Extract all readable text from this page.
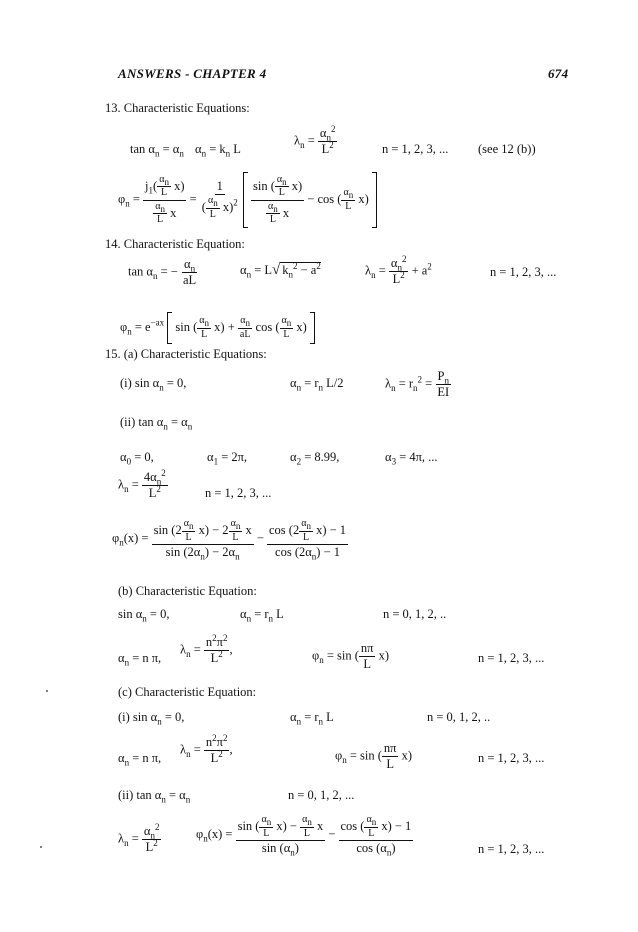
ANSWERS - CHAPTER 4	674
13. Characteristic Equations:
$\tan \alpha_n = \alpha_n$ $\alpha_n = k_n$ L
$\lambda_n = \frac{\alpha_n^2}{L^2}$	n = 1, 2, 3, ... (see 12 (b))
$\varphi_n$ =
$j_1( \frac{\alpha_n}{L} x)$
$\frac{\alpha_n}{L}$ x
=
1
( $\frac{\alpha_n}{L} x)^2$

sin ( $\frac{\alpha_n}{L} x$)
$\frac{\alpha_n}{L}$ x
− cos ( $\frac{\alpha_n}{L} x$)
14. Characteristic Equation:
$\tan \alpha_n$ = − $\frac{\alpha_n}{aL}$	$\alpha_n = L√$ $k_n^2 - a^2$	$\lambda_n = \frac{\alpha_n^2}{L^2} + a^2$	n = 1, 2, 3, ...
$\varphi_n = e^{-ax}$  sin ( $\frac{\alpha_n}{L} x) + \frac{\alpha_n}{aL}$ cos ( $\frac{\alpha_n}{L} x$)
15. (a) Characteristic Equations:
(i) $\sin \alpha_n = 0$,	$\alpha_n = r_n$ L/2	$\lambda_n = r_n^2 = \frac{P_n}{EI}$
(ii) $\tan \alpha_n = \alpha_n$
$\alpha_0 = 0$,	$\alpha_1 = 2\pi$,	$\alpha_2 = 8.99$,	$\alpha_3 = 4\pi$, ...
$\lambda_n = \frac{4\alpha_n^2}{L^2}$	n = 1, 2, 3, ...
$\varphi_n(x)$ =
$\sin (2 \frac{\alpha_n}{L} x) - 2 \frac{\alpha_n}{L}$ x
$\sin (2\alpha_n) - 2\alpha_n$
−
$\cos (2 \frac{\alpha_n}{L} x) - 1$
$\cos (2\alpha_n) - 1$
(b) Characteristic Equation:
$\sin \alpha_n = 0$,	$\alpha_n = r_n$ L	n = 0, 1, 2, ..
$\alpha_n = n$ π,
$\lambda_n = \frac{n^2\pi^2}{L^2}$ ,	$\varphi_n = \sin$ ( $\frac{n\pi}{L} x$)	n = 1, 2, 3, ...
(c) Characteristic Equation:
(i) $\sin \alpha_n = 0$,	$\alpha_n = r_n$ L	n = 0, 1, 2, ..
$\alpha_n = n$ π,
$\lambda_n = \frac{n^2\pi^2}{L^2}$ ,	$\varphi_n = \sin$ ( $\frac{n\pi}{L} x$)	n = 1, 2, 3, ...
(ii) $\tan \alpha_n = \alpha_n$	n = 0, 1, 2, ...
$\lambda_n = \frac{\alpha_n^2}{L^2}$	$\varphi_n(x)$ =
sin ( $\frac{\alpha_n}{L} x) - \frac{\alpha_n}{L}$ x
$\sin (\alpha_n)$
−
cos ( $\frac{\alpha_n}{L} x) - 1$
$\cos (\alpha_n)$	n = 1, 2, 3, ...
